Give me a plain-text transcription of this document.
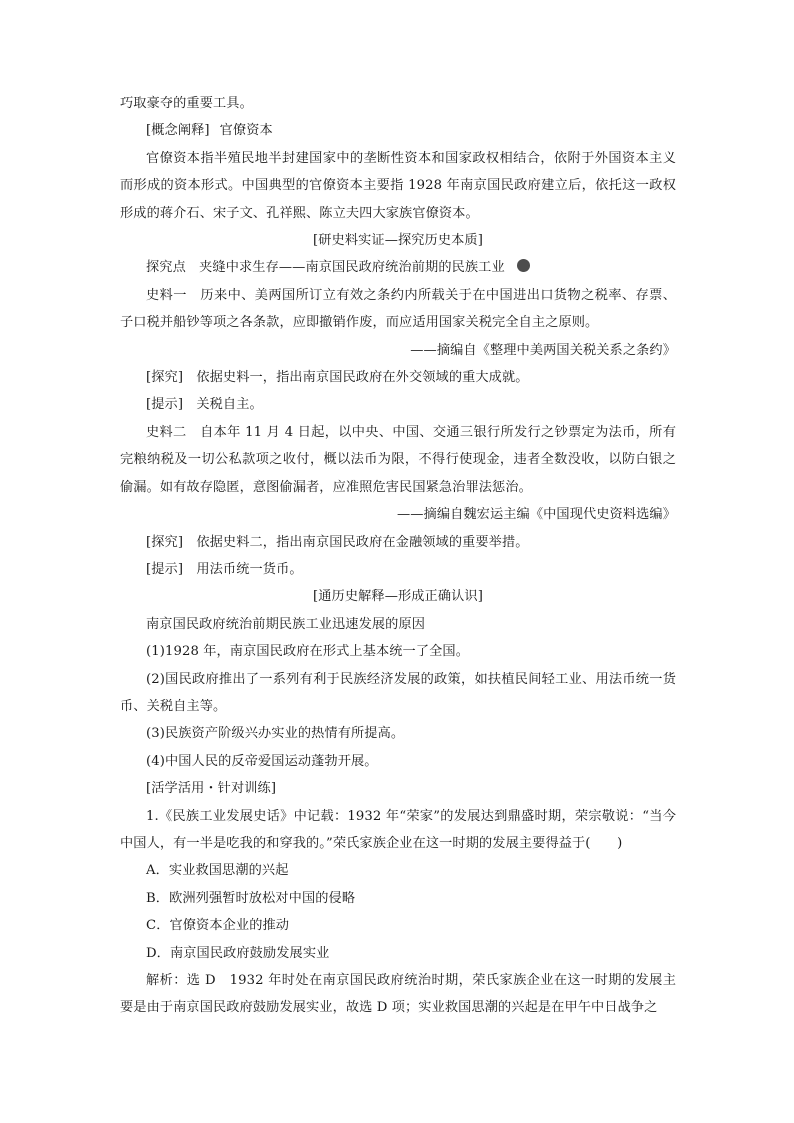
巧取豪夺的重要工具。

[概念阐释] 官僚资本

官僚资本指半殖民地半封建国家中的垄断性资本和国家政权相结合，依附于外国资本主义而形成的资本形式。中国典型的官僚资本主要指 1928 年南京国民政府建立后，依托这一政权形成的蒋介石、宋子文、孔祥熙、陈立夫四大家族官僚资本。

[研史料实证—探究历史本质]

探究点　夹缝中求生存——南京国民政府统治前期的民族工业

史料一　历来中、美两国所订立有效之条约内所载关于在中国进出口货物之税率、存票、子口税并船钞等项之各条款，应即撤销作废，而应适用国家关税完全自主之原则。

——摘编自《整理中美两国关税关系之条约》

[探究]　依据史料一，指出南京国民政府在外交领域的重大成就。

[提示]　关税自主。

史料二　自本年 11 月 4 日起，以中央、中国、交通三银行所发行之钞票定为法币，所有完粮纳税及一切公私款项之收付，概以法币为限，不得行使现金，违者全数没收，以防白银之偷漏。如有故存隐匿，意图偷漏者，应准照危害民国紧急治罪法惩治。

——摘编自魏宏运主编《中国现代史资料选编》

[探究]　依据史料二，指出南京国民政府在金融领域的重要举措。

[提示]　用法币统一货币。

[通历史解释—形成正确认识]

南京国民政府统治前期民族工业迅速发展的原因

(1)1928 年，南京国民政府在形式上基本统一了全国。

(2)国民政府推出了一系列有利于民族经济发展的政策，如扶植民间轻工业、用法币统一货币、关税自主等。

(3)民族资产阶级兴办实业的热情有所提高。

(4)中国人民的反帝爱国运动蓬勃开展。

[活学活用・针对训练]

1.《民族工业发展史话》中记载：1932 年“荣家”的发展达到鼎盛时期，荣宗敬说：“当今中国人，有一半是吃我的和穿我的。”荣氏家族企业在这一时期的发展主要得益于(　　)

A．实业救国思潮的兴起

B．欧洲列强暂时放松对中国的侵略

C．官僚资本企业的推动

D．南京国民政府鼓励发展实业

解析：选 D　1932 年时处在南京国民政府统治时期，荣氏家族企业在这一时期的发展主要是由于南京国民政府鼓励发展实业，故选 D 项；实业救国思潮的兴起是在甲午中日战争之
